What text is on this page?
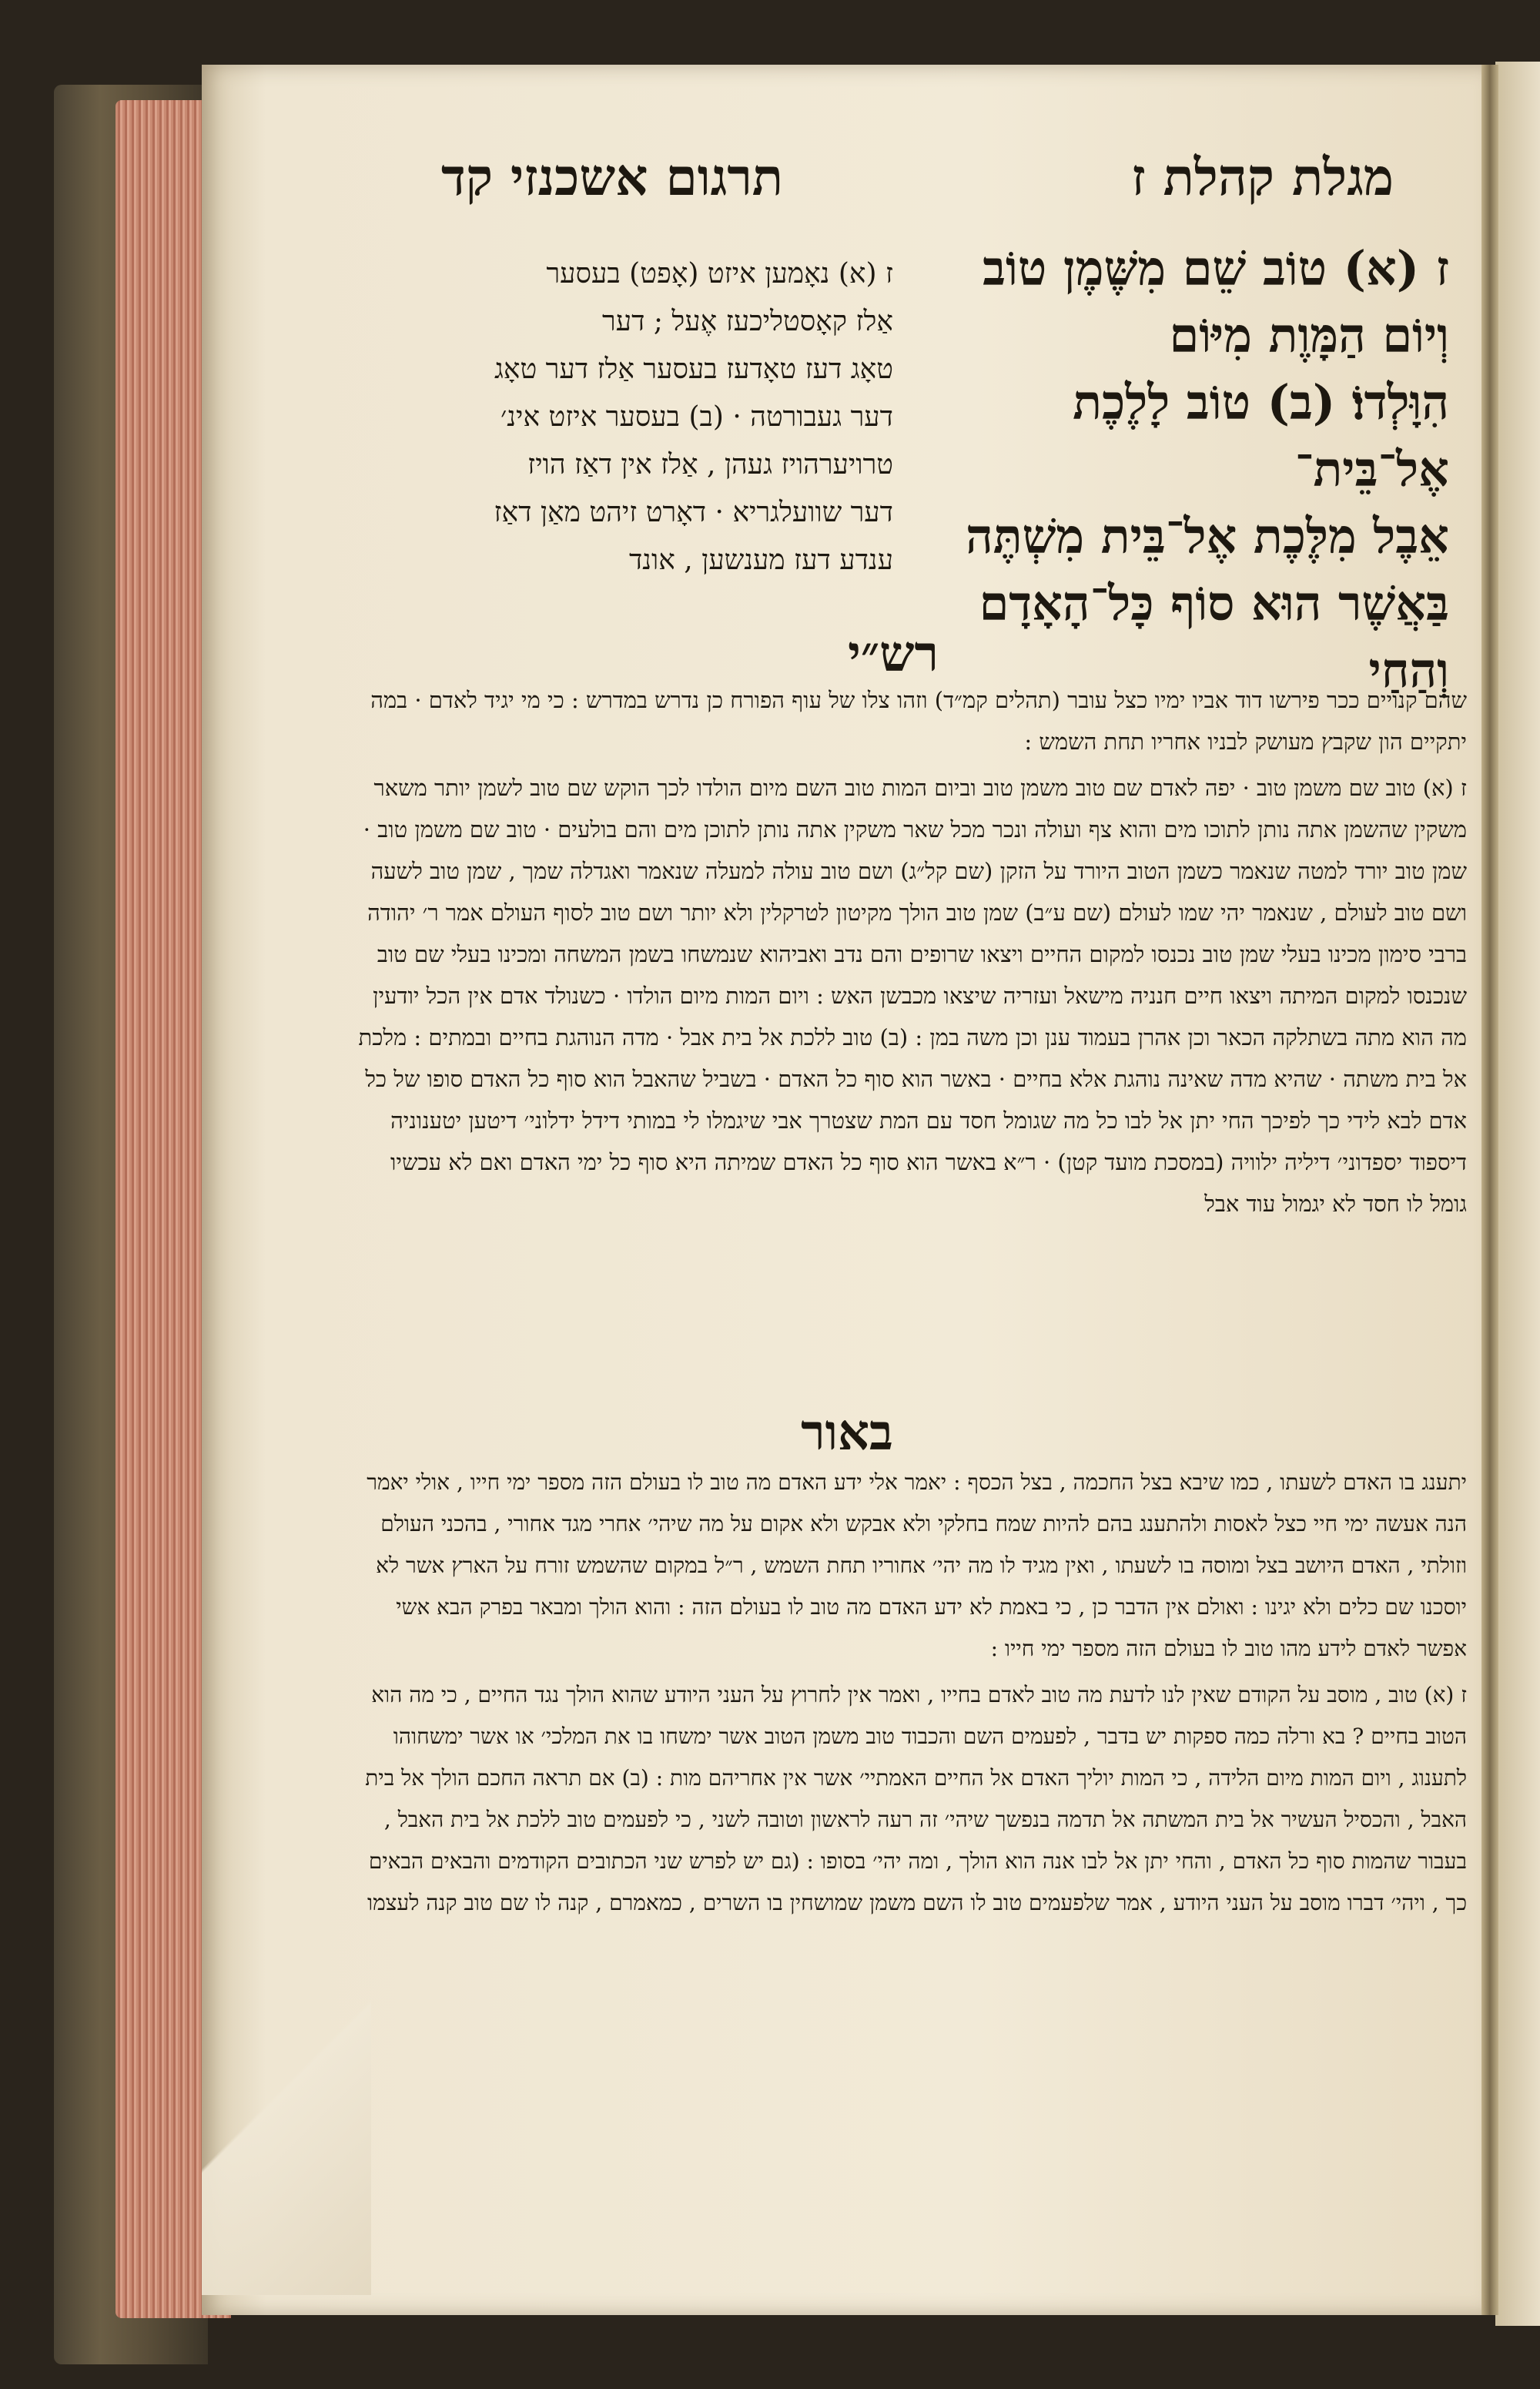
מגלת קהלת ז
תרגום אשכנזי קד
ז (א) טוֹב שֵׁם מִשֶּׁמֶן טוֹב
וְיוֹם הַמָּוֶת מִיּוֹם
הִוָּלְדוֹ׃ (ב) טוֹב לָלֶכֶת אֶל־בֵּית־
אֵבֶל מִלֶּכֶת אֶל־בֵּית מִשְׁתֶּה
בַּאֲשֶׁר הוּא סוֹף כָּל־הָאָדָם
וְהַחַי
ז (א) נאָמען איזט (אָפט) בעסער
אַלז קאָסטליכעז אֶעל ; דער
טאָג דעז טאָדעז בעסער אַלז דער טאָג
דער געבורטה · (ב) בעסער איזט אינ׳
טרויערהויז געהן , אַלז אין דאַז הויז
דער שוועלגריא · דאָרט זיהט מאַן דאַז
ענדע דעז מענשען , אונד
רש״י

שהם קנויים ככר פירשו דוד אביו ימיו כצל עובר (תהלים קמ״ד) וזהו צלו של עוף הפורח כן נדרש במדרש : כי מי יגיד לאדם · במה יתקיים הון שקבץ מעושק לבניו אחריו תחת השמש :

ז (א) טוב שם משמן טוב · יפה לאדם שם טוב משמן טוב וביום המות טוב השם מיום הולדו לכך הוקש שם טוב לשמן יותר משאר משקין שהשמן אתה נותן לתוכו מים והוא צף ועולה ונכר מכל שאר משקין אתה נותן לתוכן מים והם בולעים · טוב שם משמן טוב · שמן טוב יורד למטה שנאמר כשמן הטוב היורד על הזקן (שם קל״ג) ושם טוב עולה למעלה שנאמר ואגדלה שמך , שמן טוב לשעה ושם טוב לעולם , שנאמר יהי שמו לעולם (שם ע״ב) שמן טוב הולך מקיטון לטרקלין ולא יותר ושם טוב לסוף העולם אמר ר׳ יהודה ברבי סימון מכינו בעלי שמן טוב נכנסו למקום החיים ויצאו שרופים והם נדב ואביהוא שנמשחו בשמן המשחה ומכינו בעלי שם טוב שנכנסו למקום המיתה ויצאו חיים חנניה מישאל ועזריה שיצאו מכבשן האש : ויום המות מיום הולדו · כשנולד אדם אין הכל יודעין מה הוא מתה בשתלקה הכאר וכן אהרן בעמוד ענן וכן משה במן : (ב) טוב ללכת אל בית אבל · מדה הנוהגת בחיים ובמתים : מלכת אל בית משתה · שהיא מדה שאינה נוהגת אלא בחיים · באשר הוא סוף כל האדם · בשביל שהאבל הוא סוף כל האדם סופו של כל אדם לבא לידי כך לפיכך החי יתן אל לבו כל מה שגומל חסד עם המת שצטרך אבי שיגמלו לי במותי דידל ידלוני׳ דיטען יטענוניה דיספוד יספדוני׳ דיליה ילוויה (במסכת מועד קטן) · ר״א באשר הוא סוף כל האדם שמיתה היא סוף כל ימי האדם ואם לא עכשיו גומל לו חסד לא יגמול עוד אבל

באור

יתענג בו האדם לשעתו , כמו שיבא בצל החכמה , בצל הכסף : יאמר אלי ידע האדם מה טוב לו בעולם הזה מספר ימי חייו , אולי יאמר הנה אעשה ימי חיי כצל לאסות ולהתענג בהם להיות שמח בחלקי ולא אבקש ולא אקום על מה שיהי׳ אחרי מגד אחורי , בהכני העולם וזולתי , האדם היושב בצל ומוסה בו לשעתו , ואין מגיד לו מה יהי׳ אחוריו תחת השמש , ר״ל במקום שהשמש זורח על הארץ אשר לא יוסכנו שם כלים ולא יגינו : ואולם אין הדבר כן , כי באמת לא ידע האדם מה טוב לו בעולם הזה : והוא הולך ומבאר בפרק הבא אשי אפשר לאדם לידע מהו טוב לו בעולם הזה מספר ימי חייו :

ז (א) טוב , מוסב על הקודם שאין לנו לדעת מה טוב לאדם בחייו , ואמר אין לחרוץ על העני היודע שהוא הולך נגד החיים , כי מה הוא הטוב בחיים ? בא ורלה כמה ספקות יש בדבר , לפעמים השם והכבוד טוב משמן הטוב אשר ימשחו בו את המלכי׳ או אשר ימשחוהו לתענוג , ויום המות מיום הלידה , כי המות יוליך האדם אל החיים האמתיי׳ אשר אין אחריהם מות : (ב) אם תראה החכם הולך אל בית האבל , והכסיל העשיר אל בית המשתה אל תדמה בנפשך שיהי׳ זה רעה לראשון וטובה לשני , כי לפעמים טוב ללכת אל בית האבל , בעבור שהמות סוף כל האדם , והחי יתן אל לבו אנה הוא הולך , ומה יהי׳ בסופו : (גם יש לפרש שני הכתובים הקודמים והבאים הבאים כך , ויהי׳ דברו מוסב על העני היודע , אמר שלפעמים טוב לו השם משמן שמושחין בו השרים , כמאמרם , קנה לו שם טוב קנה לעצמו
